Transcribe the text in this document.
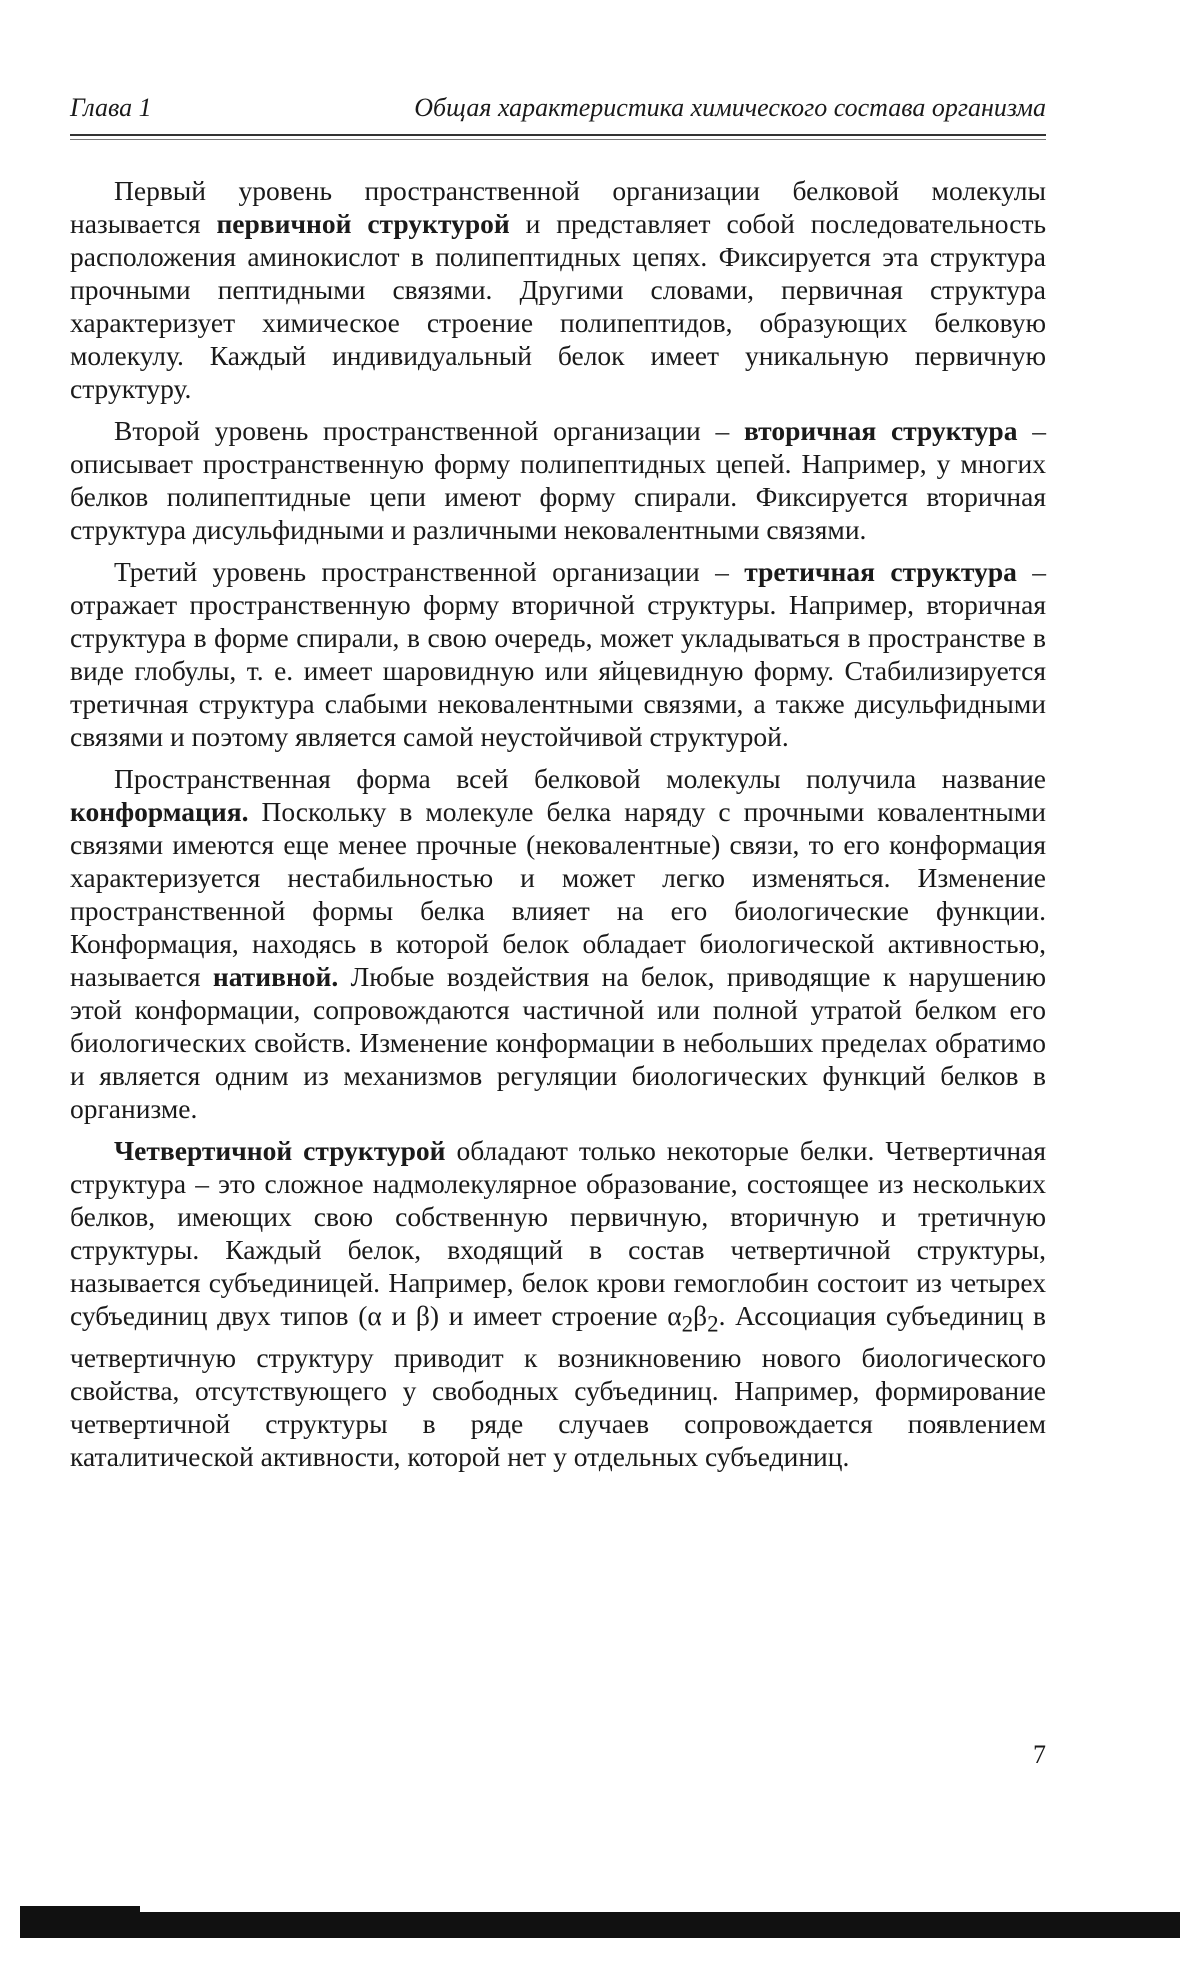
Глава 1	Общая характеристика химического состава организма

Первый уровень пространственной организации белковой молекулы называется первичной структурой и представляет собой последовательность расположения аминокислот в полипептидных цепях. Фиксируется эта структура прочными пептидными связями. Другими словами, первичная структура характеризует химическое строение полипептидов, образующих белковую молекулу. Каждый индивидуальный белок имеет уникальную первичную структуру.

Второй уровень пространственной организации – вторичная структура – описывает пространственную форму полипептидных цепей. Например, у многих белков полипептидные цепи имеют форму спирали. Фиксируется вторичная структура дисульфидными и различными нековалентными связями.

Третий уровень пространственной организации – третичная структура – отражает пространственную форму вторичной структуры. Например, вторичная структура в форме спирали, в свою очередь, может укладываться в пространстве в виде глобулы, т. е. имеет шаровидную или яйцевидную форму. Стабилизируется третичная структура слабыми нековалентными связями, а также дисульфидными связями и поэтому является самой неустойчивой структурой.

Пространственная форма всей белковой молекулы получила название конформация. Поскольку в молекуле белка наряду с прочными ковалентными связями имеются еще менее прочные (нековалентные) связи, то его конформация характеризуется нестабильностью и может легко изменяться. Изменение пространственной формы белка влияет на его биологические функции. Конформация, находясь в которой белок обладает биологической активностью, называется нативной. Любые воздействия на белок, приводящие к нарушению этой конформации, сопровождаются частичной или полной утратой белком его биологических свойств. Изменение конформации в небольших пределах обратимо и является одним из механизмов регуляции биологических функций белков в организме.

Четвертичной структурой обладают только некоторые белки. Четвертичная структура – это сложное надмолекулярное образование, состоящее из нескольких белков, имеющих свою собственную первичную, вторичную и третичную структуры. Каждый белок, входящий в состав четвертичной структуры, называется субъединицей. Например, белок крови гемоглобин состоит из четырех субъединиц двух типов (α и β) и имеет строение $\alpha_2\beta_2$. Ассоциация субъединиц в четвертичную структуру приводит к возникновению нового биологического свойства, отсутствующего у свободных субъединиц. Например, формирование четвертичной структуры в ряде случаев сопровождается появлением каталитической активности, которой нет у отдельных субъединиц.

7
